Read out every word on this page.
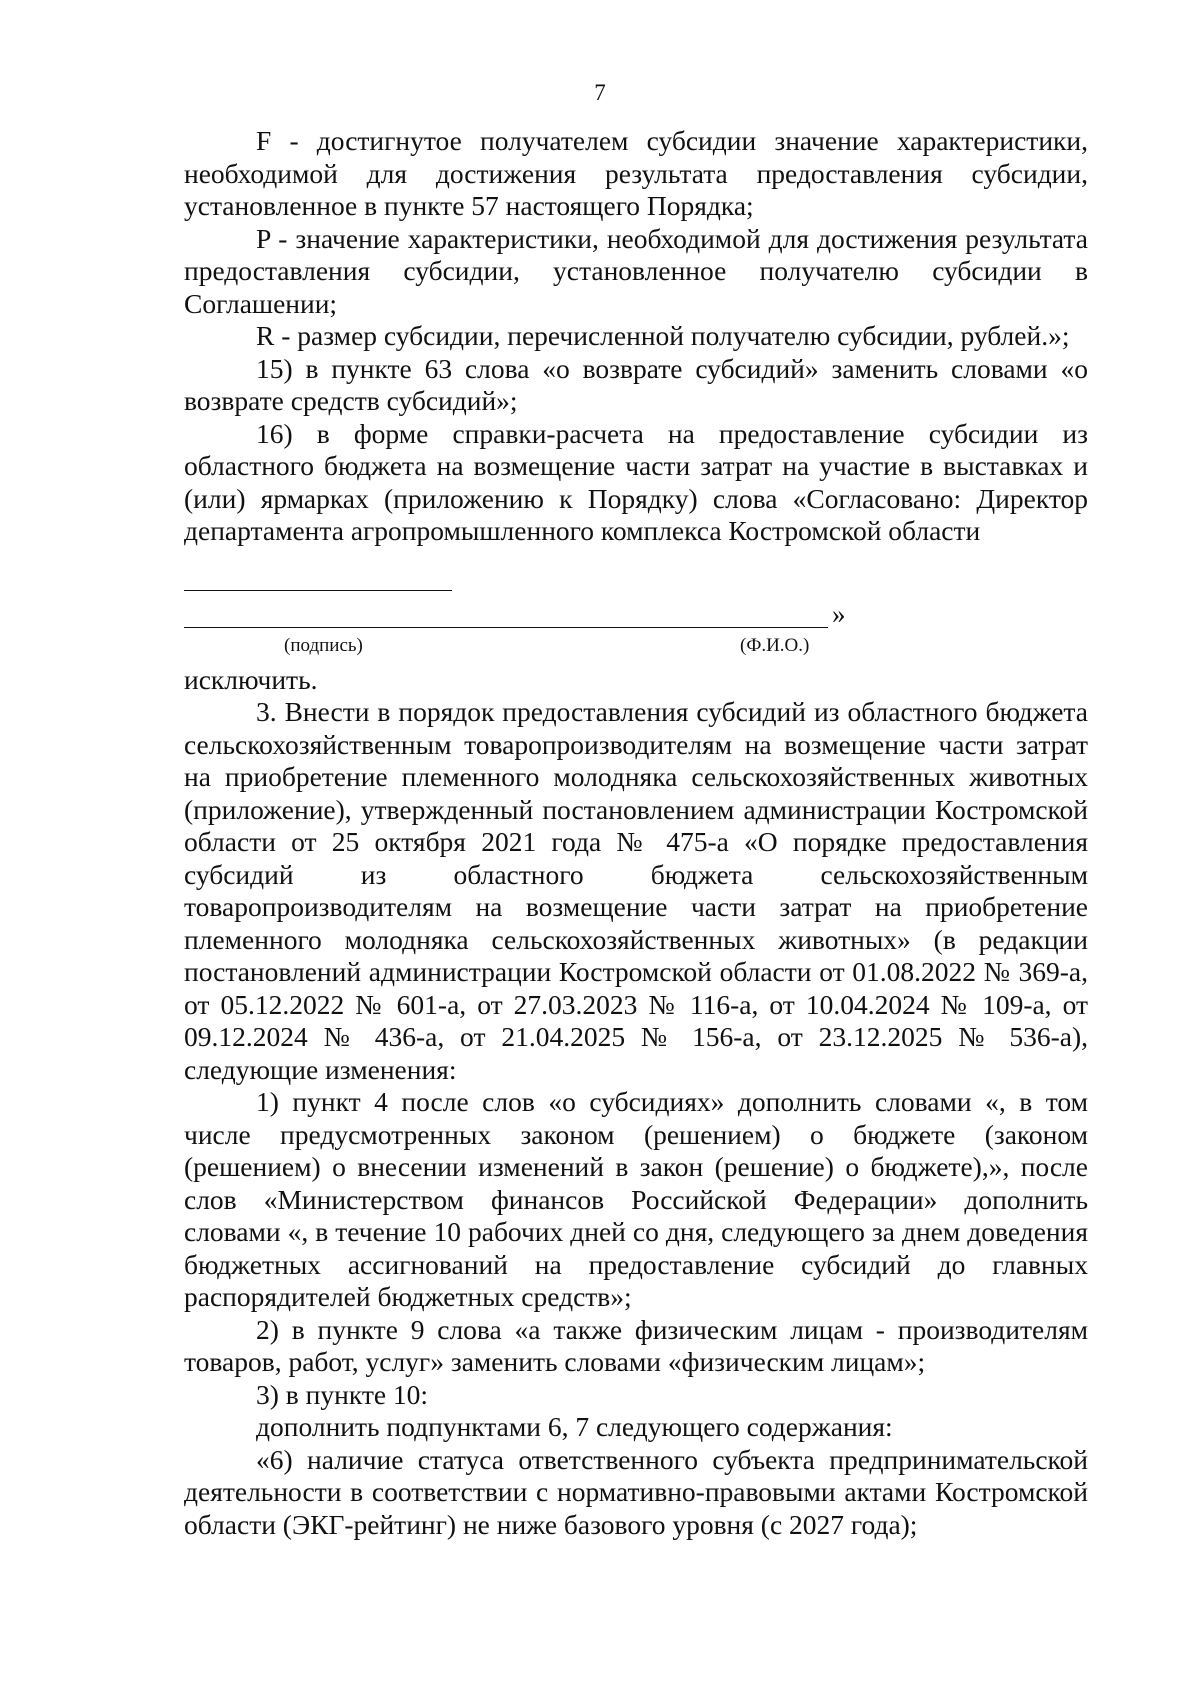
7

F - достигнутое получателем субсидии значение характеристики, необходимой для достижения результата предоставления субсидии, установленное в пункте 57 настоящего Порядка;

P - значение характеристики, необходимой для достижения результата предоставления субсидии, установленное получателю субсидии в Соглашении;

R - размер субсидии, перечисленной получателю субсидии, рублей.»;

15) в пункте 63 слова «о возврате субсидий» заменить словами «о возврате средств субсидий»;

16) в форме справки-расчета на предоставление субсидии из областного бюджета на возмещение части затрат на участие в выставках и (или) ярмарках (приложению к Порядку) слова «Согласовано: Директор департамента агропромышленного комплекса Костромской области

»
(подпись)	(Ф.И.О.)

исключить.

3. Внести в порядок предоставления субсидий из областного бюджета сельскохозяйственным товаропроизводителям на возмещение части затрат на приобретение племенного молодняка сельскохозяйственных животных (приложение), утвержденный постановлением администрации Костромской области от 25 октября 2021 года № 475-а «О порядке предоставления субсидий из областного бюджета сельскохозяйственным товаропроизводителям на возмещение части затрат на приобретение племенного молодняка сельскохозяйственных животных» (в редакции постановлений администрации Костромской области от 01.08.2022 № 369-а, от 05.12.2022 № 601-а, от 27.03.2023 № 116-а, от 10.04.2024 № 109-а, от 09.12.2024 № 436-а, от 21.04.2025 № 156-а, от 23.12.2025 № 536-а), следующие изменения:

1) пункт 4 после слов «о субсидиях» дополнить словами «, в том числе предусмотренных законом (решением) о бюджете (законом (решением) о внесении изменений в закон (решение) о бюджете),», после слов «Министерством финансов Российской Федерации» дополнить словами «, в течение 10 рабочих дней со дня, следующего за днем доведения бюджетных ассигнований на предоставление субсидий до главных распорядителей бюджетных средств»;

2) в пункте 9 слова «а также физическим лицам - производителям товаров, работ, услуг» заменить словами «физическим лицам»;

3) в пункте 10:

дополнить подпунктами 6, 7 следующего содержания:

«6) наличие статуса ответственного субъекта предпринимательской деятельности в соответствии с нормативно-правовыми актами Костромской области (ЭКГ-рейтинг) не ниже базового уровня (с 2027 года);
